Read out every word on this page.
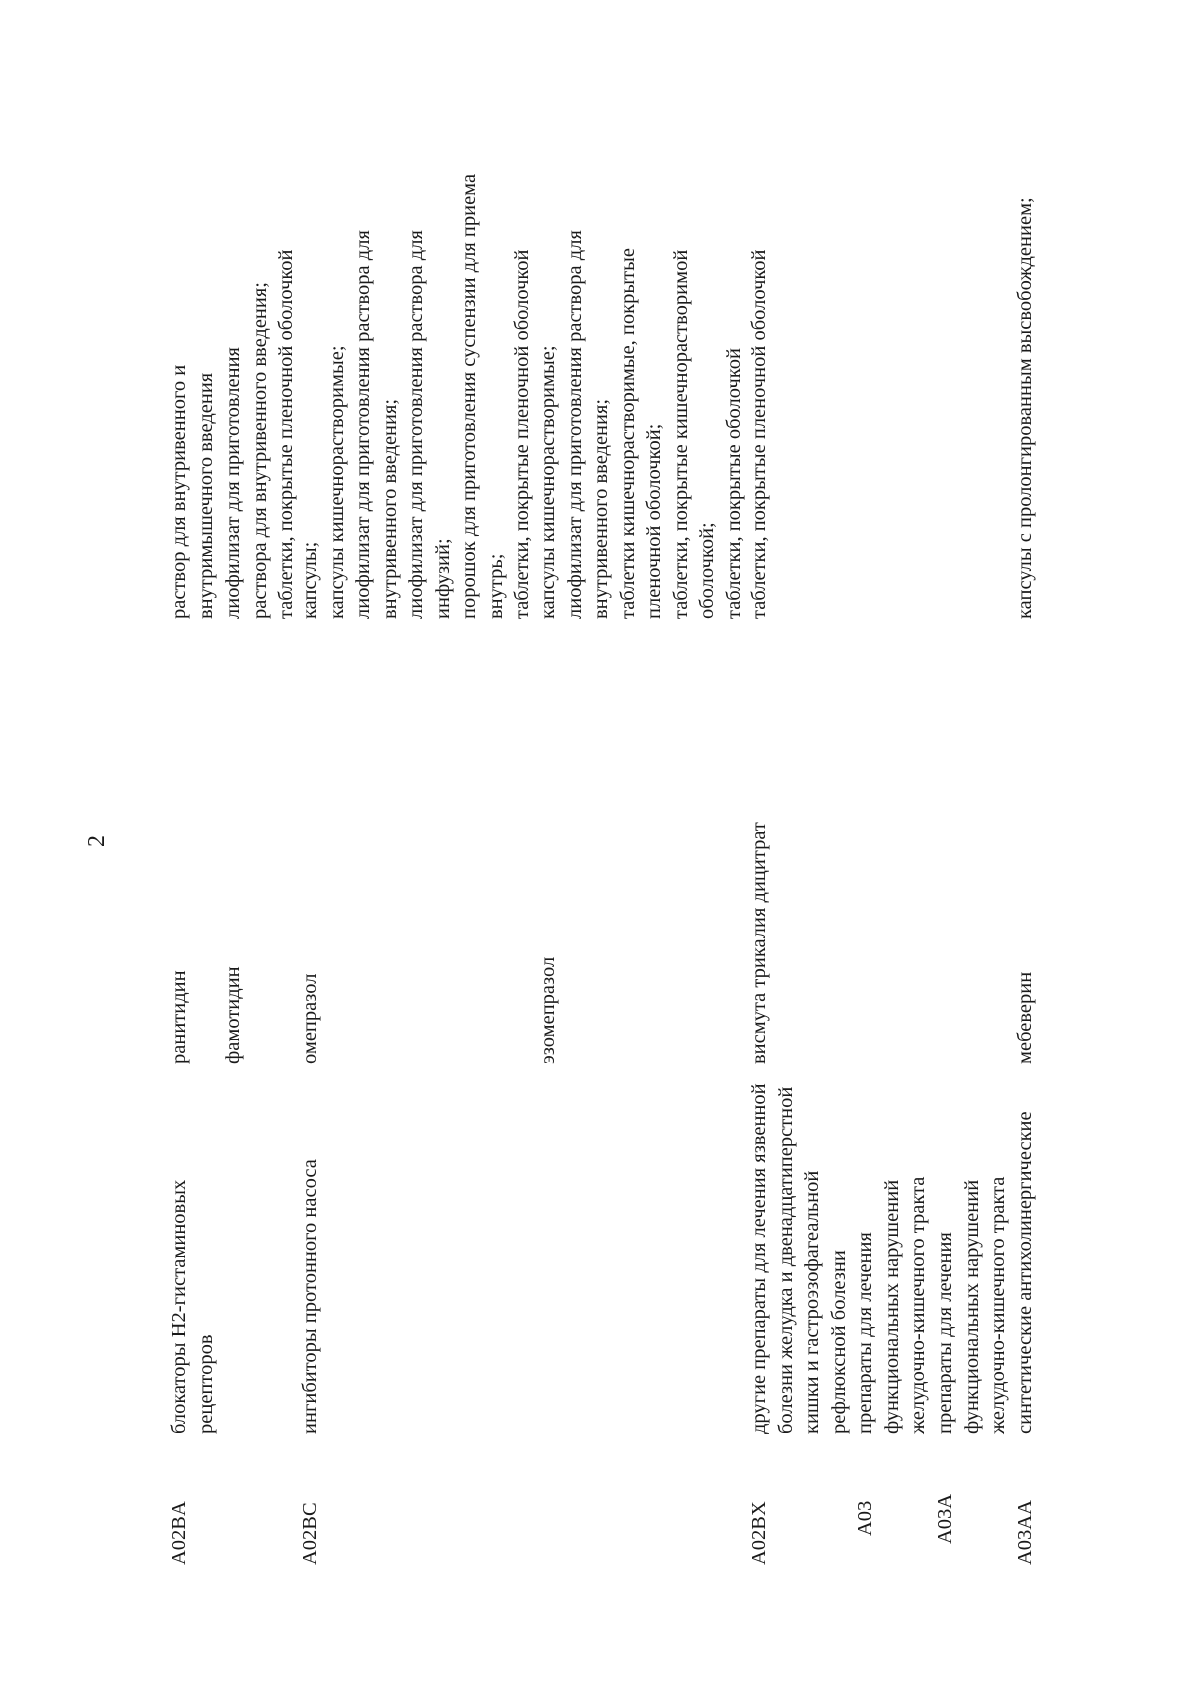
2
A02BA
блокаторы Н2-гистаминовых рецепторов
ранитидин
раствор для внутривенного и внутримышечного введения
фамотидин
лиофилизат для приготовления раствора для внутривенного введения; таблетки, покрытые пленочной оболочкой
A02BC
ингибиторы протонного насоса
омепразол
капсулы; капсулы кишечнорастворимые; лиофилизат для приготовления раствора для внутривенного введения; лиофилизат для приготовления раствора для инфузий; порошок для приготовления суспензии для приема внутрь; таблетки, покрытые пленочной оболочкой
эзомепразол
капсулы кишечнорастворимые; лиофилизат для приготовления раствора для внутривенного введения; таблетки кишечнорастворимые, покрытые пленочной оболочкой; таблетки, покрытые кишечнорастворимой оболочкой; таблетки, покрытые оболочкой
A02BX
другие препараты для лечения язвенной болезни желудка и двенадцатиперстной кишки и гастроэзофагеальной рефлюксной болезни
висмута трикалия дицитрат
таблетки, покрытые пленочной оболочкой
A03
препараты для лечения функциональных нарушений желудочно-кишечного тракта
A03A
препараты для лечения функциональных нарушений желудочно-кишечного тракта
A03AA
синтетические антихолинергические
мебеверин
капсулы с пролонгированным высвобождением;
